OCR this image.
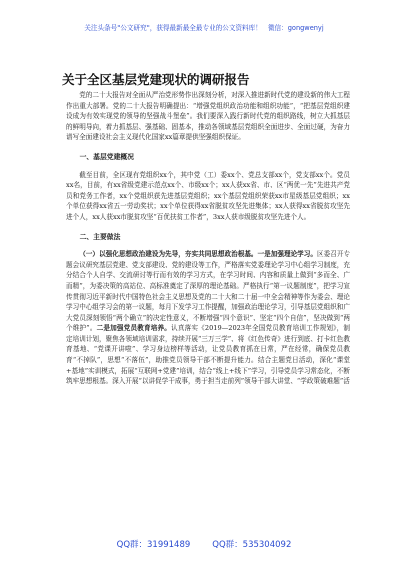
关注头条号"公文研究"，获得最新最全最专业的公文资料库！ 微信：gongwenyj
关于全区基层党建现状的调研报告

党的二十大报告对全面从严治党形势作出深刻分析，对深入推进新时代党的建设新的伟大工程作出重大部署。党的二十大报告明确提出：“增强党组织政治功能和组织功能”，“把基层党组织建设成为有效实现党的领导的坚强战斗堡垒”。我们要深入践行新时代党的组织路线，树立大抓基层的鲜明导向，着力抓基层、强基础、固基本，推动各领域基层党组织全面进步、全面过硬，为奋力谱写全面建设社会主义现代化国家xx篇章提供坚强组织保证。

一、基层党建概况

截至目前，全区现有党组织xx个，其中党（工）委xx个、党总支部xx个，党支部xx个。党员xx名，目前，有xx省级党建示范点xx个、市级xx个；xx人获xx省、市、区“两优一先”先进共产党员和党务工作者，xx个党组织获先进基层党组织；xx个基层党组织荣获xx市星级基层党组织；xx个单位获得xx省五一劳动奖状；xx个单位获得xx省脱贫攻坚先进集体；xx人获得xx省脱贫攻坚先进个人，xx人获xx市脱贫攻坚“百优扶贫工作者”，3xx人获市级脱贫攻坚先进个人。

二、主要做法

（一）以强化思想政治建设为先导，夯实共同思想政治根基。一是加强理论学习。区委召开专题会议研究基层党建、党支部建设、党的建设等工作，严格落实党委理论学习中心组学习制度，充分结合个人自学、交流研讨等行而有效的学习方式，在学习时间、内容和质量上做到“多而全、广而精”，为委决策的高站位、高标准奠定了深厚的理论基础。严格执行“第一议题制度”，把学习宣传贯彻习近平新时代中国特色社会主义思想及党的二十大和二十届一中全会精神等作为委会、理论学习中心组学习会的第一议题，每月下发学习工作提醒，加强政治理论学习，引导基层党组织和广大党员深刻领悟“两个确立”的决定性意义，不断增强“四个意识”、坚定“四个自信”，坚决做到“两个维护”。二是加强党员教育培养。认真落实《2019—2023年全国党员教育培训工作规划》，制定培训计划，聚焦各领域培训需求，持续开展“三万三学”、将《红色传奇》进行到底、打卡红色教育基地、“党课开讲啦”、学习身边榜样等活动，让党员教育抓在日常，严在经常，确保党员教育“不掉队”，思想“不落伍”，助推党员领导干部不断提升能力。结合主题党日活动，深化“课堂+基地”实训模式，拓展“互联网+党建”培训，结合“线上+线下”学习，引导党员学习常态化，不断筑牢思想根基。深入开展“以讲促学干成事，勇于担当走前列”领导干部大讲堂、“学政策破难题”活

QQ群：31991489	QQ群：535304092
